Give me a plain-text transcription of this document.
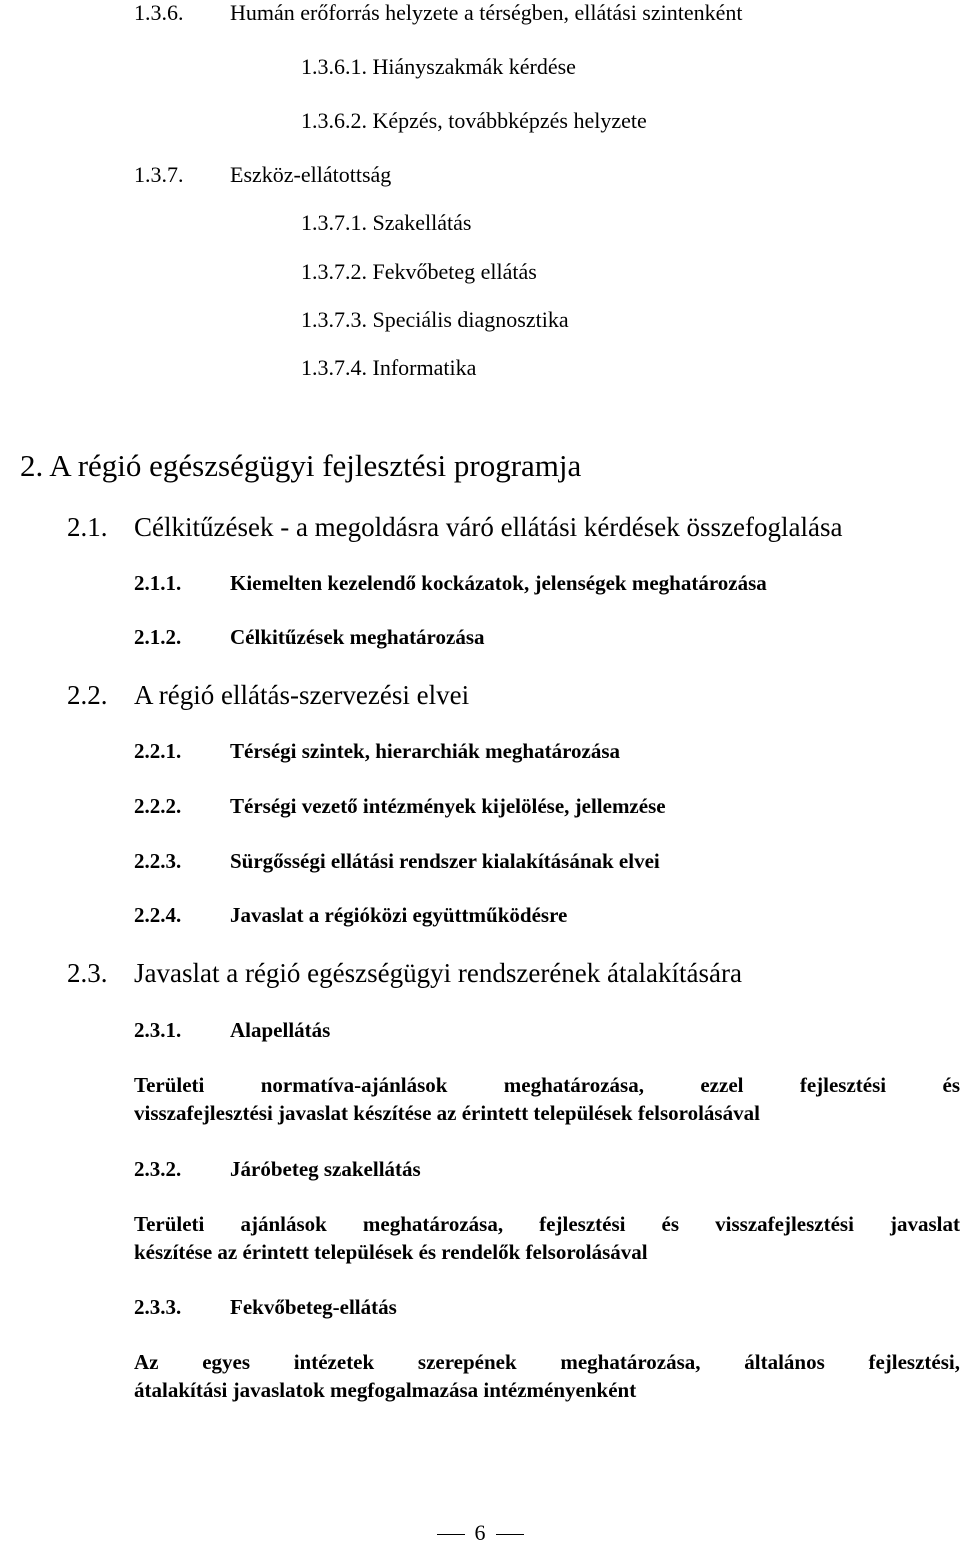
1.3.6. Humán erőforrás helyzete a térségben, ellátási szintenként
1.3.6.1. Hiányszakmák kérdése
1.3.6.2. Képzés, továbbképzés helyzete
1.3.7. Eszköz-ellátottság
1.3.7.1. Szakellátás
1.3.7.2. Fekvőbeteg ellátás
1.3.7.3. Speciális diagnosztika
1.3.7.4. Informatika
2. A régió egészségügyi fejlesztési programja
2.1. Célkitűzések - a megoldásra váró ellátási kérdések összefoglalása
2.1.1. Kiemelten kezelendő kockázatok, jelenségek meghatározása
2.1.2. Célkitűzések meghatározása
2.2. A régió ellátás-szervezési elvei
2.2.1. Térségi szintek, hierarchiák meghatározása
2.2.2. Térségi vezető intézmények kijelölése, jellemzése
2.2.3. Sürgősségi ellátási rendszer kialakításának elvei
2.2.4. Javaslat a régióközi együttműködésre
2.3. Javaslat a régió egészségügyi rendszerének átalakítására
2.3.1. Alapellátás
Területi normatíva-ajánlások meghatározása, ezzel fejlesztési és
visszafejlesztési javaslat készítése az érintett települések felsorolásával
2.3.2. Járóbeteg szakellátás
Területi ajánlások meghatározása, fejlesztési és visszafejlesztési javaslat
készítése az érintett települések és rendelők felsorolásával
2.3.3. Fekvőbeteg-ellátás
Az egyes intézetek szerepének meghatározása, általános fejlesztési,
átalakítási javaslatok megfogalmazása intézményenként
6
